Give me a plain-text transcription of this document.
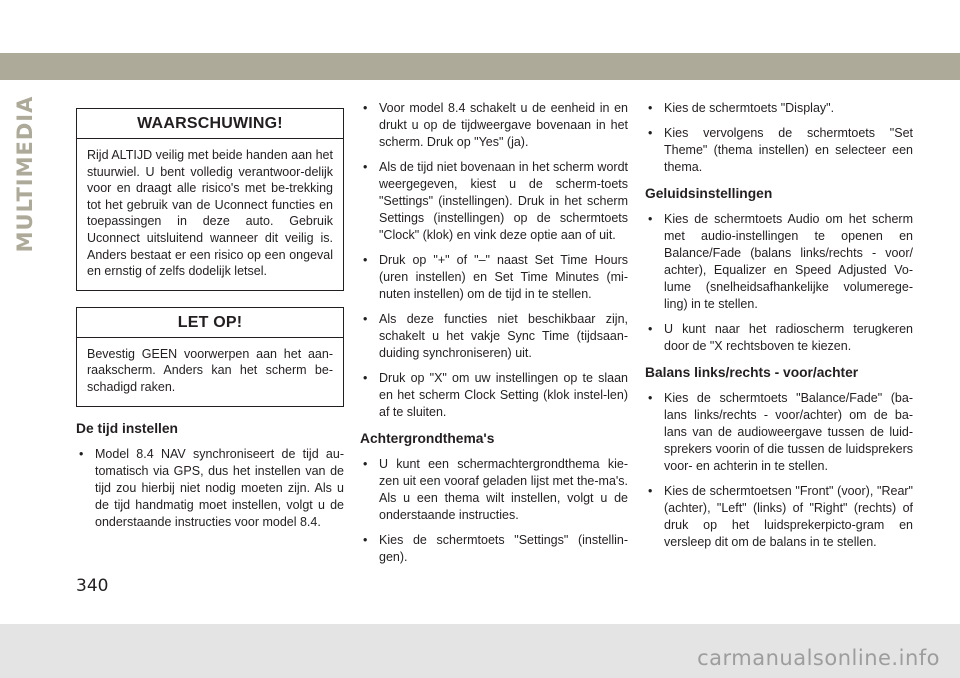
MULTIMEDIA	WAARSCHUWING!
Rijd ALTIJD veilig met beide handen aan het stuurwiel. U bent volledig verantwoor-delijk voor en draagt alle risico's met be-trekking tot het gebruik van de Uconnect functies en toepassingen in deze auto. Gebruik Uconnect uitsluitend wanneer dit veilig is. Anders bestaat er een risico op een ongeval en ernstig of zelfs dodelijk letsel.
LET OP!
Bevestig GEEN voorwerpen aan het aan-raakscherm. Anders kan het scherm be-schadigd raken.
De tijd instellen
• Model 8.4 NAV synchroniseert de tijd au-tomatisch via GPS, dus het instellen van de tijd zou hierbij niet nodig moeten zijn. Als u de tijd handmatig moet instellen, volgt u de onderstaande instructies voor model 8.4.
• Voor model 8.4 schakelt u de eenheid in en drukt u op de tijdweergave bovenaan in het scherm. Druk op "Yes" (ja).
• Als de tijd niet bovenaan in het scherm wordt weergegeven, kiest u de scherm-toets "Settings" (instellingen). Druk in het scherm Settings (instellingen) op de schermtoets "Clock" (klok) en vink deze optie aan of uit.
• Druk op "+" of "–" naast Set Time Hours (uren instellen) en Set Time Minutes (mi-nuten instellen) om de tijd in te stellen.
• Als deze functies niet beschikbaar zijn, schakelt u het vakje Sync Time (tijdsaan-duiding synchroniseren) uit.
• Druk op "X" om uw instellingen op te slaan en het scherm Clock Setting (klok instel-len) af te sluiten.
Achtergrondthema's
• U kunt een schermachtergrondthema kie-zen uit een vooraf geladen lijst met the-ma's. Als u een thema wilt instellen, volgt u de onderstaande instructies.
• Kies de schermtoets "Settings" (instellin-gen).
• Kies de schermtoets "Display".
• Kies vervolgens de schermtoets "Set Theme" (thema instellen) en selecteer een thema.
Geluidsinstellingen
• Kies de schermtoets Audio om het scherm met audio-instellingen te openen en Balance/Fade (balans links/rechts - voor/ achter), Equalizer en Speed Adjusted Vo-lume (snelheidsafhankelijke volumerege-ling) in te stellen.
• U kunt naar het radioscherm terugkeren door de "X rechtsboven te kiezen.
Balans links/rechts - voor/achter
• Kies de schermtoets "Balance/Fade" (ba-lans links/rechts - voor/achter) om de ba-lans van de audioweergave tussen de luid-sprekers voorin of die tussen de luidsprekers voor- en achterin in te stellen.
• Kies de schermtoetsen "Front" (voor), "Rear" (achter), "Left" (links) of "Right" (rechts) of druk op het luidsprekerpicto-gram en versleep dit om de balans in te stellen.
340
carmanualsonline.info
